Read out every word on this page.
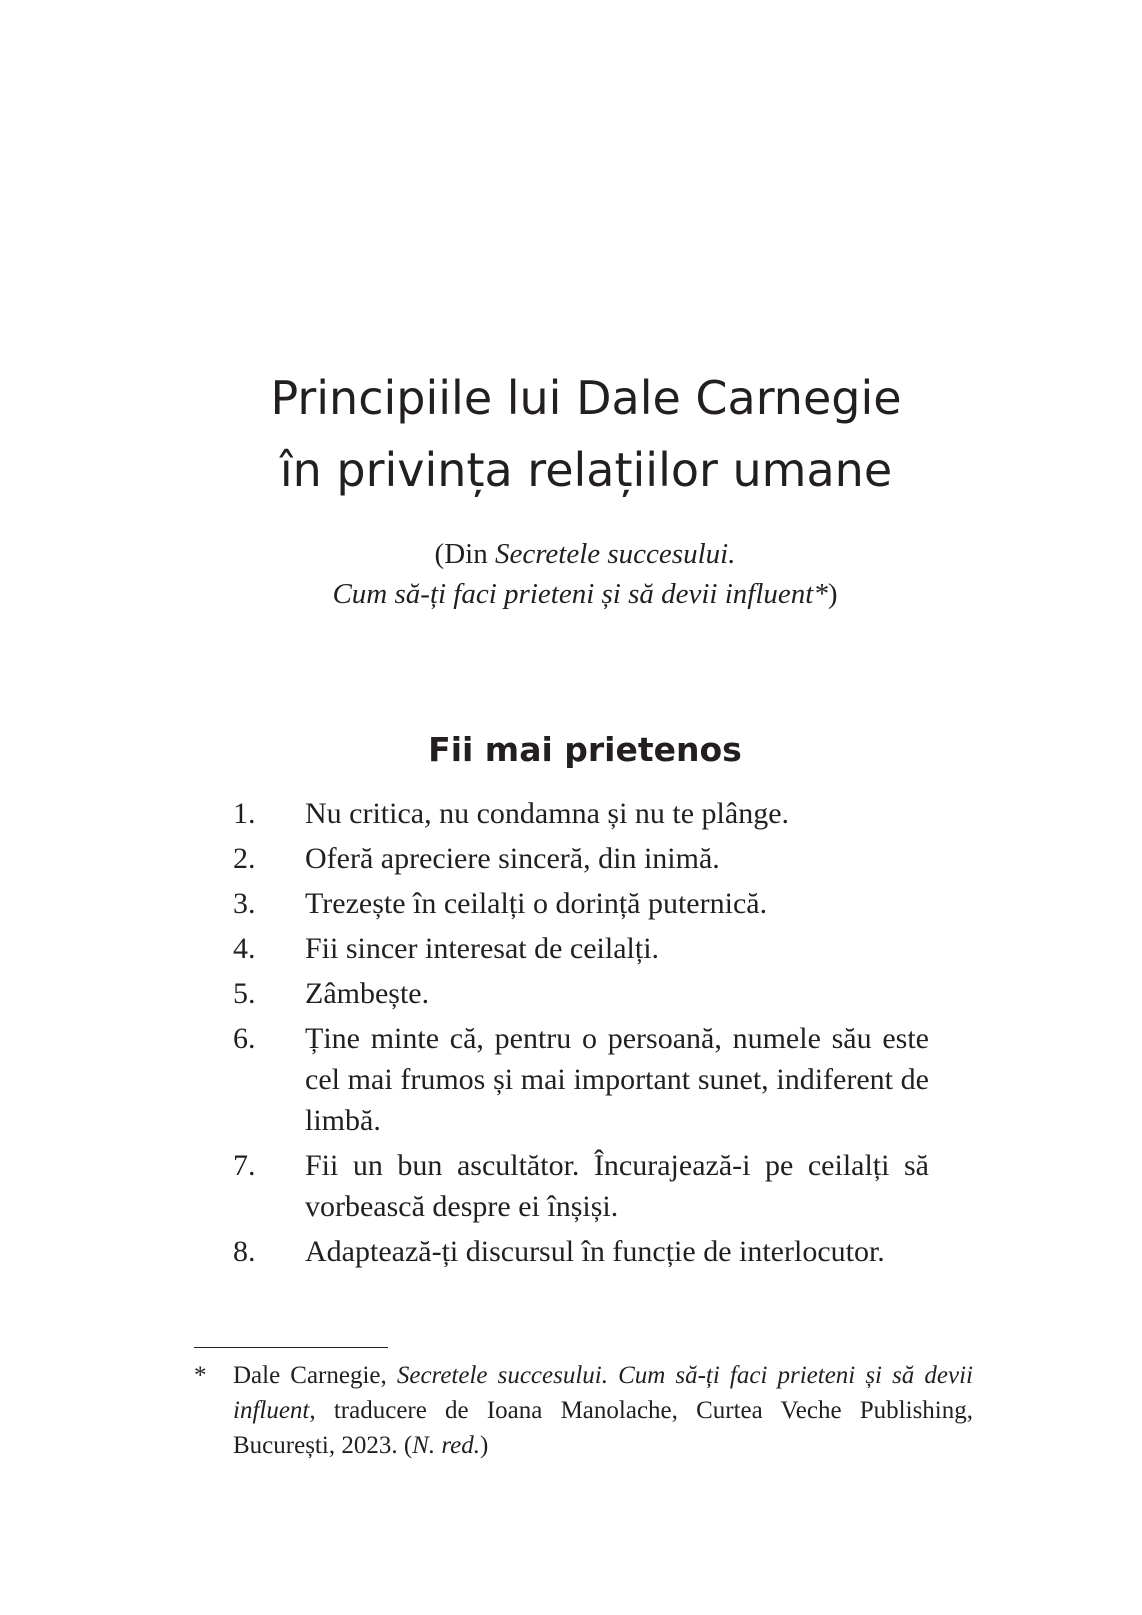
Principiile lui Dale Carnegie
în privința relațiilor umane
(Din Secretele succesului.
Cum să-ți faci prieteni și să devii influent*)
Fii mai prietenos
1. Nu critica, nu condamna și nu te plânge.
2. Oferă apreciere sinceră, din inimă.
3. Trezește în ceilalți o dorință puternică.
4. Fii sincer interesat de ceilalți.
5. Zâmbește.
6. Ține minte că, pentru o persoană, numele său este cel mai frumos și mai important sunet, indiferent de limbă.
7. Fii un bun ascultător. Încurajează-i pe ceilalți să vorbească despre ei înșiși.
8. Adaptează-ți discursul în funcție de interlocutor.
* Dale Carnegie, Secretele succesului. Cum să-ți faci prieteni și să devii influent, traducere de Ioana Manolache, Curtea Veche Publishing, București, 2023. (N. red.)
